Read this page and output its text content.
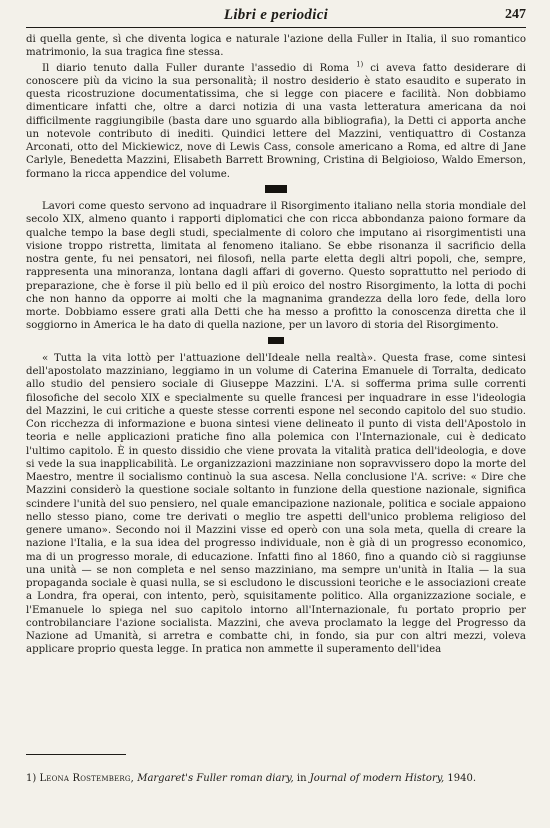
Libri e periodici	247

di quella gente, sì che diventa logica e naturale l'azione della Fuller in Italia, il suo romantico matrimonio, la sua tragica fine stessa.

Il diario tenuto dalla Fuller durante l'assedio di Roma $^{1)}$ ci aveva fatto desiderare di conoscere più da vicino la sua personalità; il nostro desiderio è stato esaudito e superato in questa ricostruzione documentatissima, che si legge con piacere e facilità. Non dobbiamo dimenticare infatti che, oltre a darci notizia di una vasta letteratura americana da noi difficilmente raggiungibile (basta dare uno sguardo alla bibliografia), la Detti ci apporta anche un notevole contributo di inediti. Quindici lettere del Mazzini, ventiquattro di Costanza Arconati, otto del Mickiewicz, nove di Lewis Cass, console americano a Roma, ed altre di Jane Carlyle, Benedetta Mazzini, Elisabeth Barrett Browning, Cristina di Belgioioso, Waldo Emerson, formano la ricca appendice del volume.

Lavori come questo servono ad inquadrare il Risorgimento italiano nella storia mondiale del secolo XIX, almeno quanto i rapporti diplomatici che con ricca abbondanza paiono formare da qualche tempo la base degli studi, specialmente di coloro che imputano ai risorgimentisti una visione troppo ristretta, limitata al fenomeno italiano. Se ebbe risonanza il sacrificio della nostra gente, fu nei pensatori, nei filosofi, nella parte eletta degli altri popoli, che, sempre, rappresenta una minoranza, lontana dagli affari di governo. Questo soprattutto nel periodo di preparazione, che è forse il più bello ed il più eroico del nostro Risorgimento, la lotta di pochi che non hanno da opporre ai molti che la magnanima grandezza della loro fede, della loro morte. Dobbiamo essere grati alla Detti che ha messo a profitto la conoscenza diretta che il soggiorno in America le ha dato di quella nazione, per un lavoro di storia del Risorgimento.

« Tutta la vita lottò per l'attuazione dell'Ideale nella realtà». Questa frase, come sintesi dell'apostolato mazziniano, leggiamo in un volume di Caterina Emanuele di Torralta, dedicato allo studio del pensiero sociale di Giuseppe Mazzini. L'A. si sofferma prima sulle correnti filosofiche del secolo XIX e specialmente su quelle francesi per inquadrare in esse l'ideologia del Mazzini, le cui critiche a queste stesse correnti espone nel secondo capitolo del suo studio. Con ricchezza di informazione e buona sintesi viene delineato il punto di vista dell'Apostolo in teoria e nelle applicazioni pratiche fino alla polemica con l'Internazionale, cui è dedicato l'ultimo capitolo. È in questo dissidio che viene provata la vitalità pratica dell'ideologia, e dove si vede la sua inapplicabilità. Le organizzazioni mazziniane non sopravvissero dopo la morte del Maestro, mentre il socialismo continuò la sua ascesa. Nella conclusione l'A. scrive: « Dire che Mazzini considerò la questione sociale soltanto in funzione della questione nazionale, significa scindere l'unità del suo pensiero, nel quale emancipazione nazionale, politica e sociale appaiono nello stesso piano, come tre derivati o meglio tre aspetti dell'unico problema religioso del genere umano». Secondo noi il Mazzini visse ed operò con una sola meta, quella di creare la nazione l'Italia, e la sua idea del progresso individuale, non è già di un progresso economico, ma di un progresso morale, di educazione. Infatti fino al 1860, fino a quando ciò si raggiunse una unità — se non completa e nel senso mazziniano, ma sempre un'unità in Italia — la sua propaganda sociale è quasi nulla, se si escludono le discussioni teoriche e le associazioni create a Londra, fra operai, con intento, però, squisitamente politico. Alla organizzazione sociale, e l'Emanuele lo spiega nel suo capitolo intorno all'Internazionale, fu portato proprio per controbilanciare l'azione socialista. Mazzini, che aveva proclamato la legge del Progresso da Nazione ad Umanità, si arretra e combatte chi, in fondo, sia pur con altri mezzi, voleva applicare proprio questa legge. In pratica non ammette il superamento dell'idea

1) Leona Rostemberg, Margaret's Fuller roman diary, in Journal of modern History, 1940.
